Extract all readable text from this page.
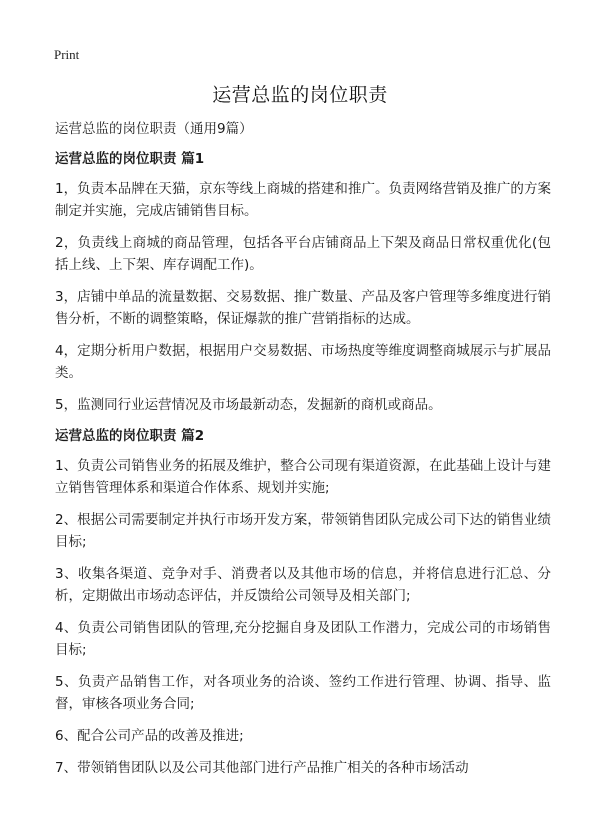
Print
运营总监的岗位职责

运营总监的岗位职责（通用9篇）

运营总监的岗位职责 篇1

1，负责本品牌在天猫，京东等线上商城的搭建和推广。负责网络营销及推广的方案制定并实施，完成店铺销售目标。

2，负责线上商城的商品管理，包括各平台店铺商品上下架及商品日常权重优化(包括上线、上下架、库存调配工作)。

3，店铺中单品的流量数据、交易数据、推广数量、产品及客户管理等多维度进行销售分析，不断的调整策略，保证爆款的推广营销指标的达成。

4，定期分析用户数据，根据用户交易数据、市场热度等维度调整商城展示与扩展品类。

5，监测同行业运营情况及市场最新动态，发掘新的商机或商品。

运营总监的岗位职责 篇2

1、负责公司销售业务的拓展及维护，整合公司现有渠道资源，在此基础上设计与建立销售管理体系和渠道合作体系、规划并实施;

2、根据公司需要制定并执行市场开发方案，带领销售团队完成公司下达的销售业绩目标;

3、收集各渠道、竞争对手、消费者以及其他市场的信息，并将信息进行汇总、分析，定期做出市场动态评估，并反馈给公司领导及相关部门;

4、负责公司销售团队的管理,充分挖掘自身及团队工作潜力，完成公司的市场销售目标;

5、负责产品销售工作，对各项业务的洽谈、签约工作进行管理、协调、指导、监督，审核各项业务合同;

6、配合公司产品的改善及推进;

7、带领销售团队以及公司其他部门进行产品推广相关的各种市场活动
